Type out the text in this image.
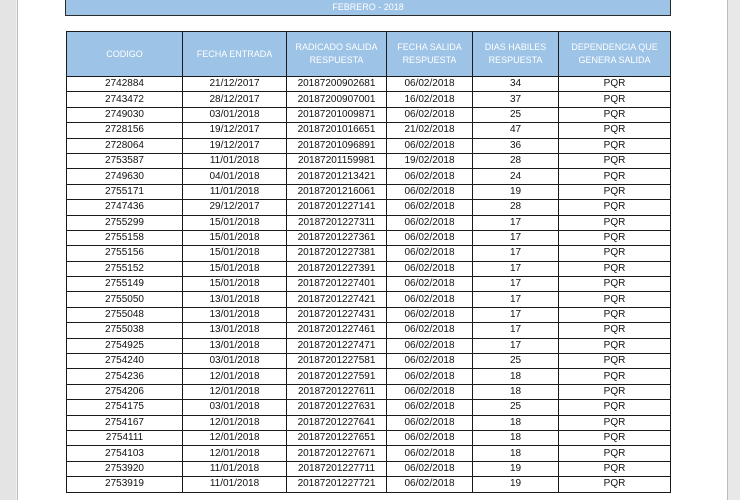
FEBRERO - 2018
CODIGO	FECHA ENTRADA	RADICADO SALIDA RESPUESTA	FECHA SALIDA RESPUESTA	DIAS HABILES RESPUESTA	DEPENDENCIA QUE GENERA SALIDA
2742884	21/12/2017	20187200902681	06/02/2018	34	PQR
2743472	28/12/2017	20187200907001	16/02/2018	37	PQR
2749030	03/01/2018	20187201009871	06/02/2018	25	PQR
2728156	19/12/2017	20187201016651	21/02/2018	47	PQR
2728064	19/12/2017	20187201096891	06/02/2018	36	PQR
2753587	11/01/2018	20187201159981	19/02/2018	28	PQR
2749630	04/01/2018	20187201213421	06/02/2018	24	PQR
2755171	11/01/2018	20187201216061	06/02/2018	19	PQR
2747436	29/12/2017	20187201227141	06/02/2018	28	PQR
2755299	15/01/2018	20187201227311	06/02/2018	17	PQR
2755158	15/01/2018	20187201227361	06/02/2018	17	PQR
2755156	15/01/2018	20187201227381	06/02/2018	17	PQR
2755152	15/01/2018	20187201227391	06/02/2018	17	PQR
2755149	15/01/2018	20187201227401	06/02/2018	17	PQR
2755050	13/01/2018	20187201227421	06/02/2018	17	PQR
2755048	13/01/2018	20187201227431	06/02/2018	17	PQR
2755038	13/01/2018	20187201227461	06/02/2018	17	PQR
2754925	13/01/2018	20187201227471	06/02/2018	17	PQR
2754240	03/01/2018	20187201227581	06/02/2018	25	PQR
2754236	12/01/2018	20187201227591	06/02/2018	18	PQR
2754206	12/01/2018	20187201227611	06/02/2018	18	PQR
2754175	03/01/2018	20187201227631	06/02/2018	25	PQR
2754167	12/01/2018	20187201227641	06/02/2018	18	PQR
2754111	12/01/2018	20187201227651	06/02/2018	18	PQR
2754103	12/01/2018	20187201227671	06/02/2018	18	PQR
2753920	11/01/2018	20187201227711	06/02/2018	19	PQR
2753919	11/01/2018	20187201227721	06/02/2018	19	PQR
